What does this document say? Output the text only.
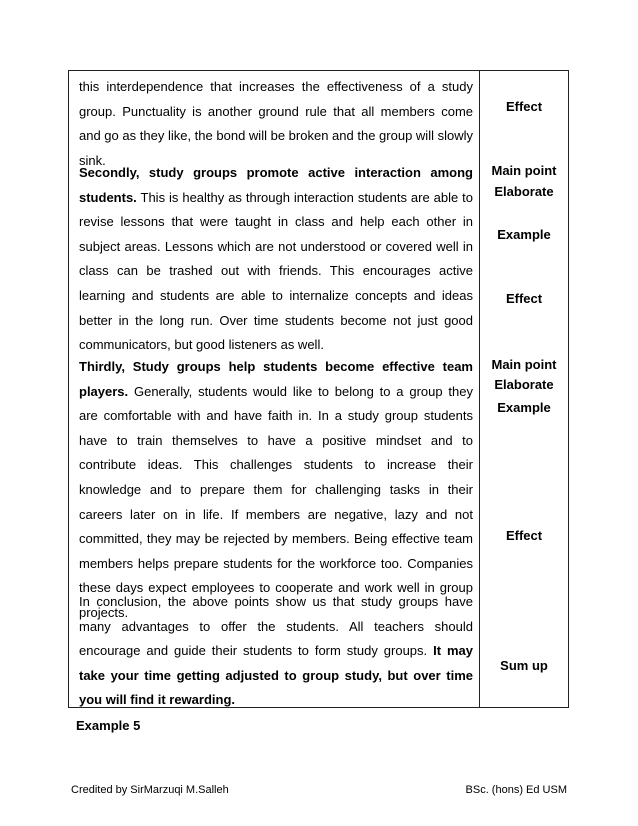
this interdependence that increases the effectiveness of a study group. Punctuality is another ground rule that all members come and go as they like, the bond will be broken and the group will slowly sink.

Secondly, study groups promote active interaction among students. This is healthy as through interaction students are able to revise lessons that were taught in class and help each other in subject areas. Lessons which are not understood or covered well in class can be trashed out with friends. This encourages active learning and students are able to internalize concepts and ideas better in the long run. Over time students become not just good communicators, but good listeners as well.

Thirdly, Study groups help students become effective team players. Generally, students would like to belong to a group they are comfortable with and have faith in. In a study group students have to train themselves to have a positive mindset and to contribute ideas. This challenges students to increase their knowledge and to prepare them for challenging tasks in their careers later on in life. If members are negative, lazy and not committed, they may be rejected by members. Being effective team members helps prepare students for the workforce too. Companies these days expect employees to cooperate and work well in group projects.

In conclusion, the above points show us that study groups have many advantages to offer the students. All teachers should encourage and guide their students to form study groups. It may take your time getting adjusted to group study, but over time you will find it rewarding.

Effect
Main point
Elaborate
Example
Effect
Main point
Elaborate
Example
Effect
Sum up
Example 5
Credited by SirMarzuqi M.Salleh	BSc. (hons) Ed USM
